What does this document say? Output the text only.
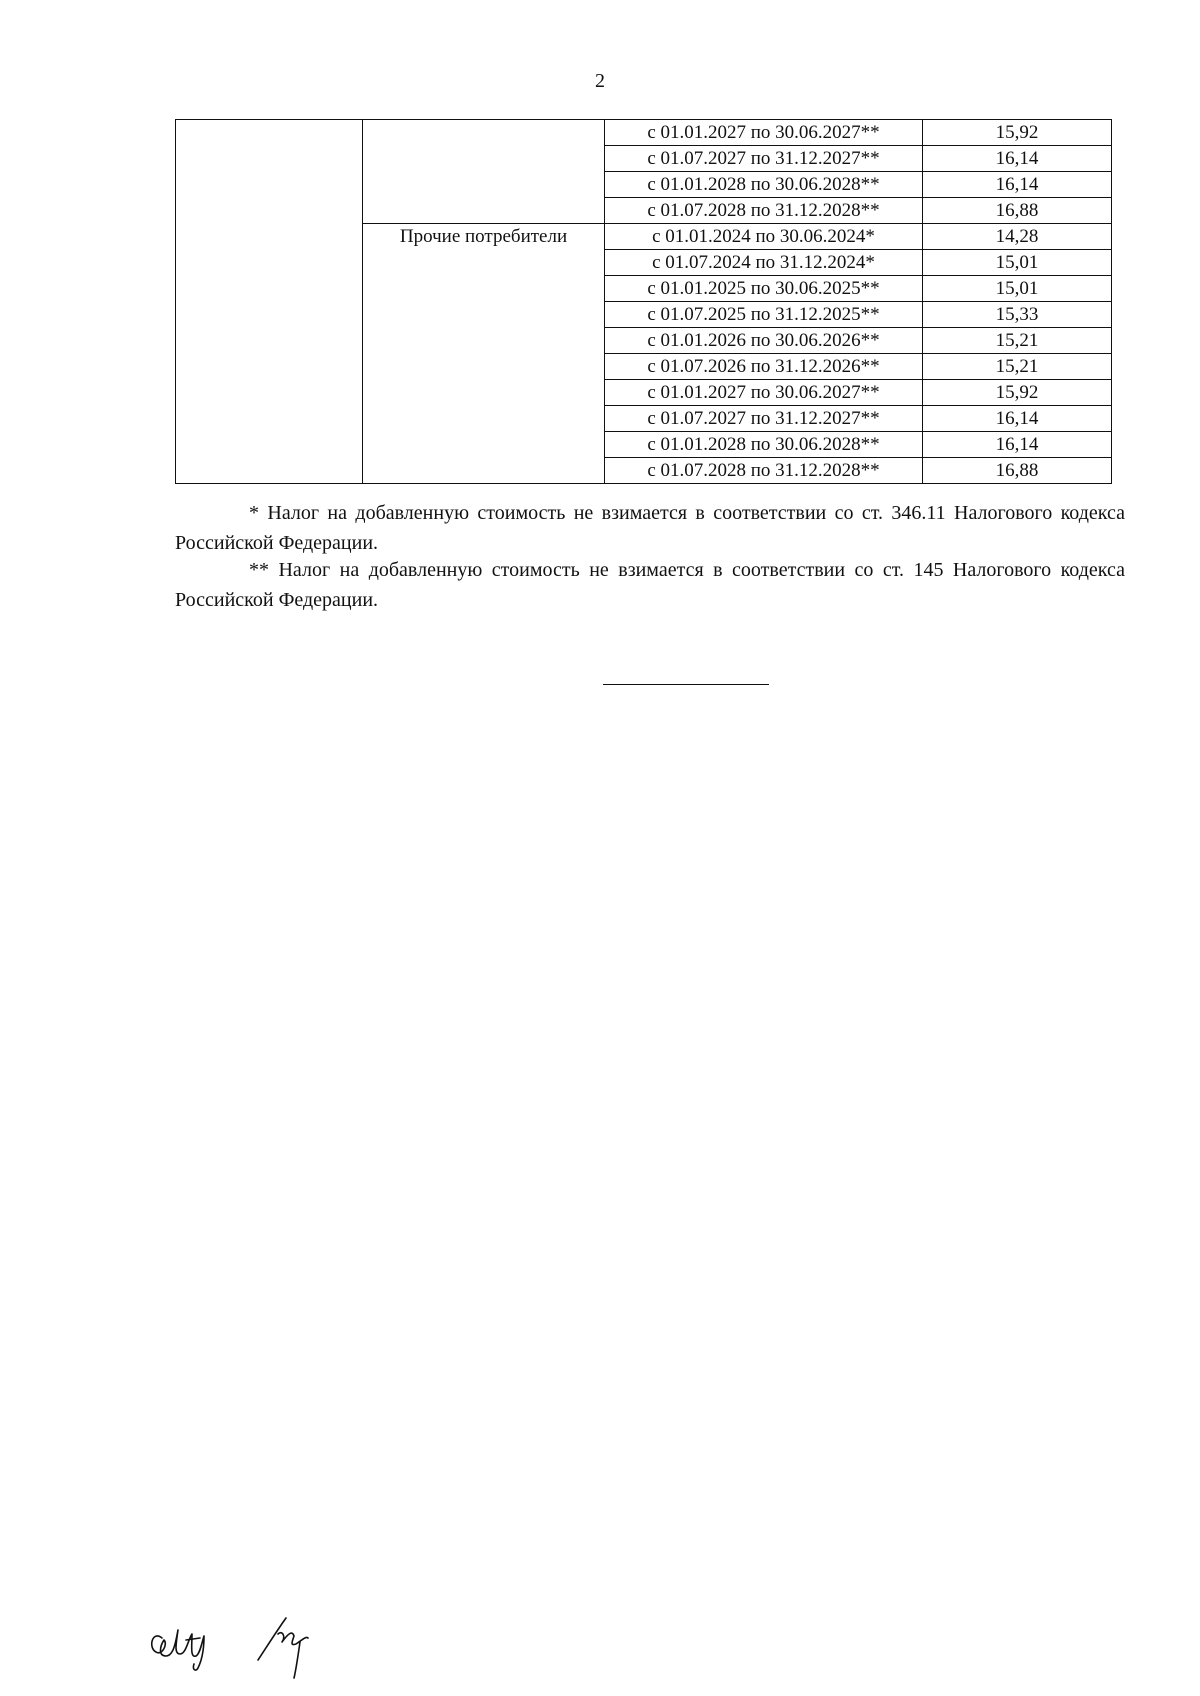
2
		с 01.01.2027 по 30.06.2027**	15,92
		с 01.07.2027 по 31.12.2027**	16,14
		с 01.01.2028 по 30.06.2028**	16,14
		с 01.07.2028 по 31.12.2028**	16,88

	Прочие потребители	с 01.01.2024 по 30.06.2024*	14,28
		с 01.07.2024 по 31.12.2024*	15,01
		с 01.01.2025 по 30.06.2025**	15,01
		с 01.07.2025 по 31.12.2025**	15,33
		с 01.01.2026 по 30.06.2026**	15,21
		с 01.07.2026 по 31.12.2026**	15,21
		с 01.01.2027 по 30.06.2027**	15,92
		с 01.07.2027 по 31.12.2027**	16,14
		с 01.01.2028 по 30.06.2028**	16,14
		с 01.07.2028 по 31.12.2028**	16,88

* Налог на добавленную стоимость не взимается в соответствии со ст. 346.11 Налогового кодекса Российской Федерации.

** Налог на добавленную стоимость не взимается в соответствии со ст. 145 Налогового кодекса Российской Федерации.
